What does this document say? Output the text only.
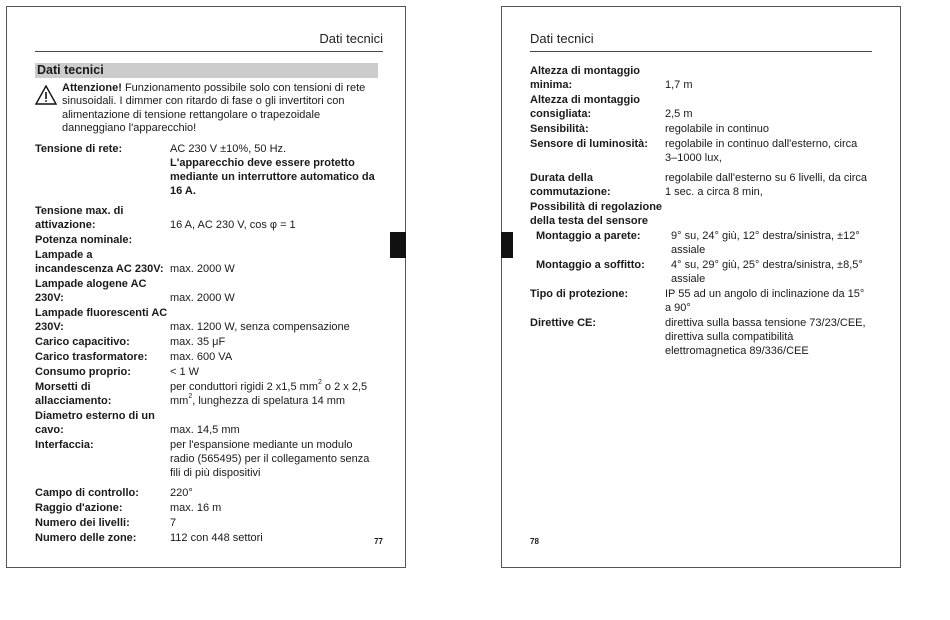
Dati tecnici
Dati tecnici
Attenzione! Funzionamento possibile solo con tensioni di rete sinusoidali. I dimmer con ritardo di fase o gli invertitori con alimentazione di tensione rettangolare o trapezoidale danneggiano l'apparecchio!
Tensione di rete:	AC 230 V ±10%, 50 Hz.
L'apparecchio deve essere protetto mediante un interruttore automatico da 16 A.
Tensione max. di attivazione:	16 A, AC 230 V, cos φ = 1
Potenza nominale:
Lampade a incandescenza AC 230V: max. 2000 W
Lampade alogene AC 230V:	max. 2000 W
Lampade fluorescenti AC 230V:	max. 1200 W, senza compensazione
Carico capacitivo:	max. 35 μF
Carico trasformatore:	max. 600 VA
Consumo proprio:	< 1 W
Morsetti di allacciamento:
per conduttori rigidi 2 x1,5 $mm^2$ o 2 x 2,5 $mm^2$, lunghezza di spelatura 14 mm
Diametro esterno di un cavo:	max. 14,5 mm
Interfaccia:	per l'espansione mediante un modulo radio (565495) per il collegamento senza fili di più dispositivi
Campo di controllo:	220°
Raggio d'azione:	max. 16 m
Numero dei livelli:	7
Numero delle zone:	112 con 448 settori	77
Dati tecnici
Altezza di montaggio minima:	1,7 m
Altezza di montaggio consigliata:	2,5 m
Sensibilità:	regolabile in continuo
Sensore di luminosità:	regolabile in continuo dall'esterno, circa 3–1000 lux,
Durata della commutazione:
regolabile dall'esterno su 6 livelli, da circa 1 sec. a circa 8 min,
Possibilità di regolazione della testa del sensore
Montaggio a parete:	9° su, 24° giù, 12° destra/sinistra, ±12° assiale
Montaggio a soffitto:	4° su, 29° giù, 25° destra/sinistra, ±8,5° assiale
Tipo di protezione:	IP 55 ad un angolo di inclinazione da 15° a 90°
Direttive CE:	direttiva sulla bassa tensione 73/23/CEE, direttiva sulla compatibilità elettromagnetica 89/336/CEE
78
